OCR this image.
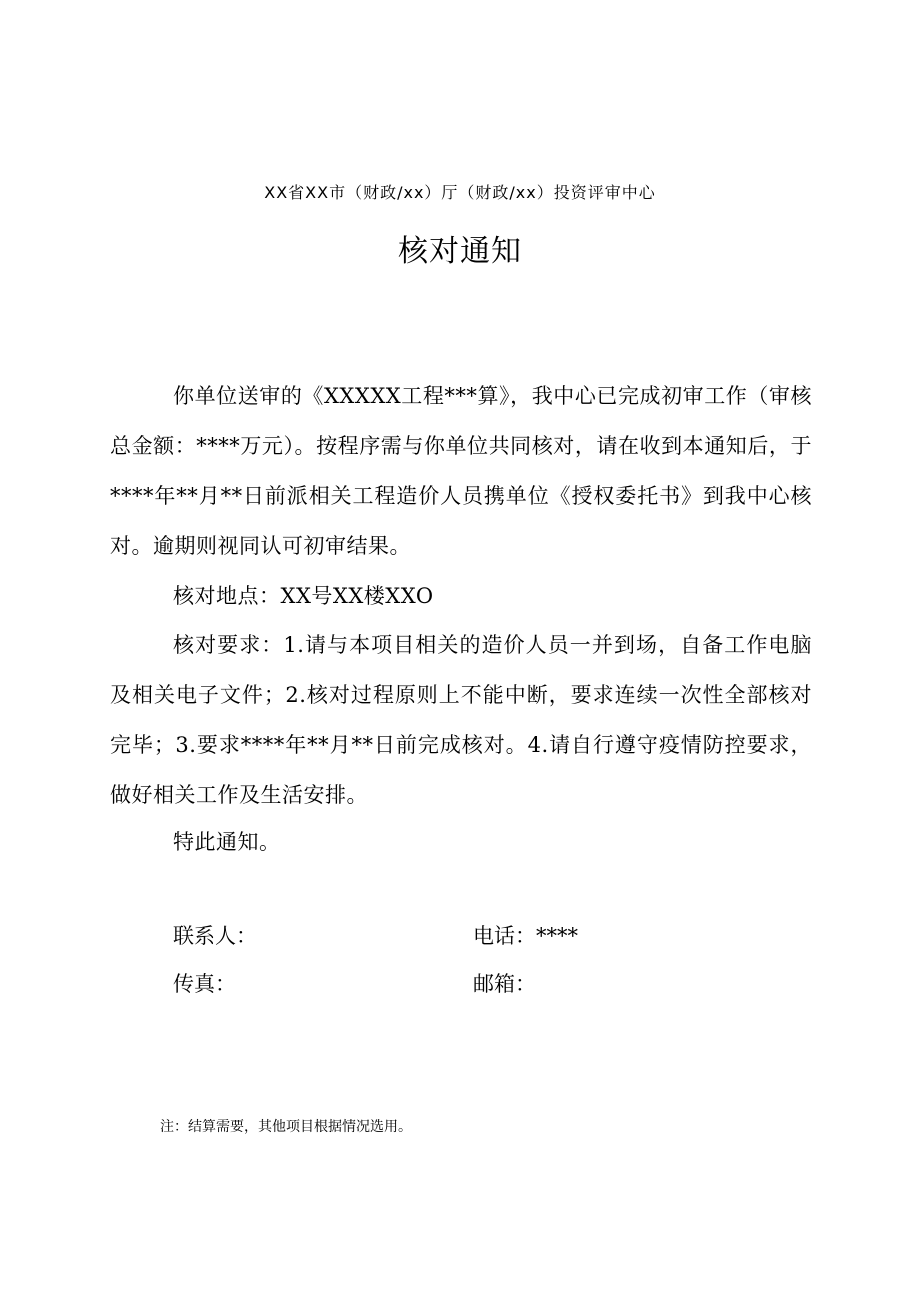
XX省XX市（财政/xx）厅（财政/xx）投资评审中心
核对通知
你单位送审的《XXXXX工程***算》，我中心已完成初审工作（审核总金额：****万元）。按程序需与你单位共同核对，请在收到本通知后，于****年**月**日前派相关工程造价人员携单位《授权委托书》到我中心核对。逾期则视同认可初审结果。
核对地点：XX号XX楼XXO
核对要求：1.请与本项目相关的造价人员一并到场，自备工作电脑及相关电子文件；2.核对过程原则上不能中断，要求连续一次性全部核对完毕；3.要求****年**月**日前完成核对。4.请自行遵守疫情防控要求，做好相关工作及生活安排。
特此通知。
联系人：	电话：****
传真：	邮箱：
注：结算需要，其他项目根据情况选用。
